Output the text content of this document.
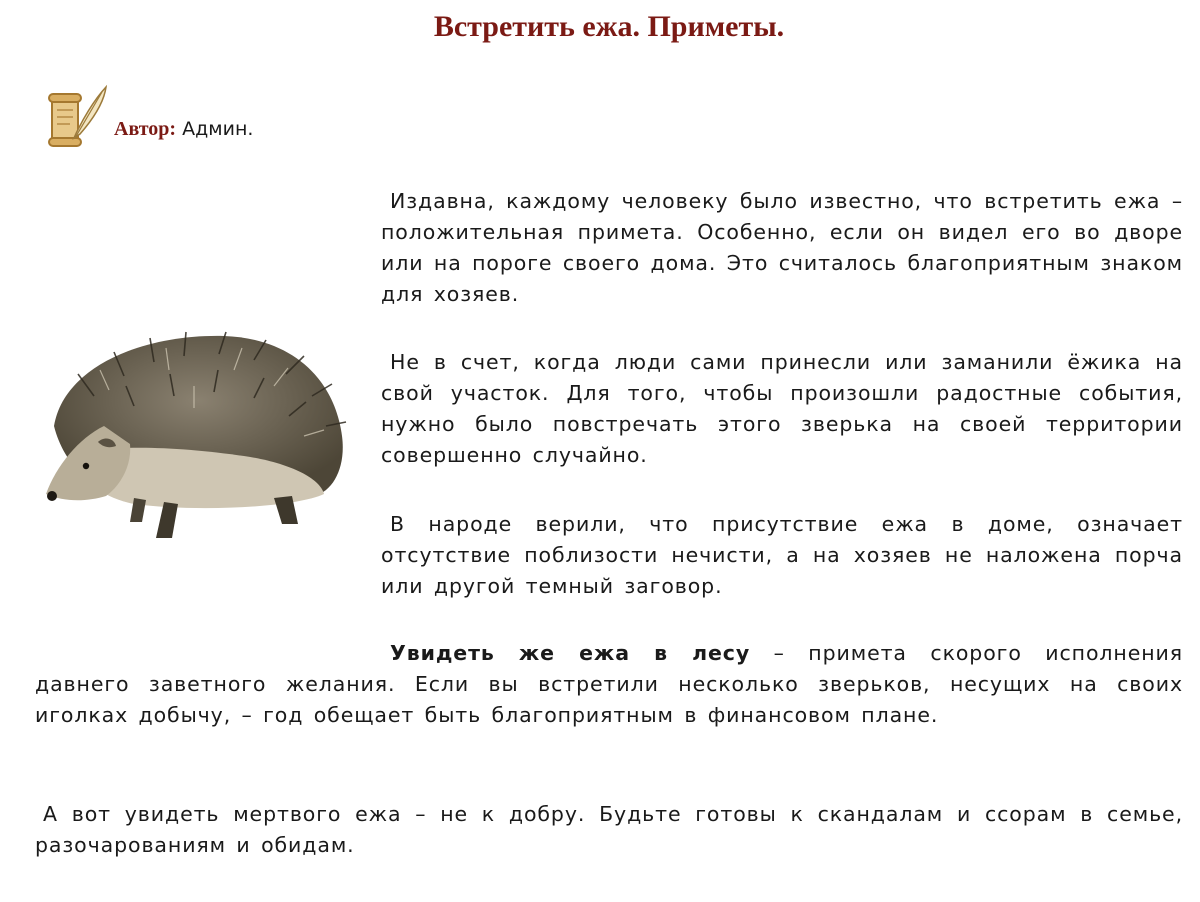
Встретить ежа. Приметы.
Автор: Админ.

Издавна, каждому человеку было известно, что встретить ежа – положительная примета. Особенно, если он видел его во дворе или на пороге своего дома. Это считалось благоприятным знаком для хозяев.

Не в счет, когда люди сами принесли или заманили ёжика на свой участок. Для того, чтобы произошли радостные события, нужно было повстречать этого зверька на своей территории совершенно случайно.

В народе верили, что присутствие ежа в доме, означает отсутствие поблизости нечисти, а на хозяев не наложена порча или другой темный заговор.

Увидеть же ежа в лесу – примета скорого исполнения давнего заветного желания. Если вы встретили несколько зверьков, несущих на своих иголках добычу, – год обещает быть благоприятным в финансовом плане.

А вот увидеть мертвого ежа – не к добру. Будьте готовы к скандалам и ссорам в семье, разочарованиям и обидам.
